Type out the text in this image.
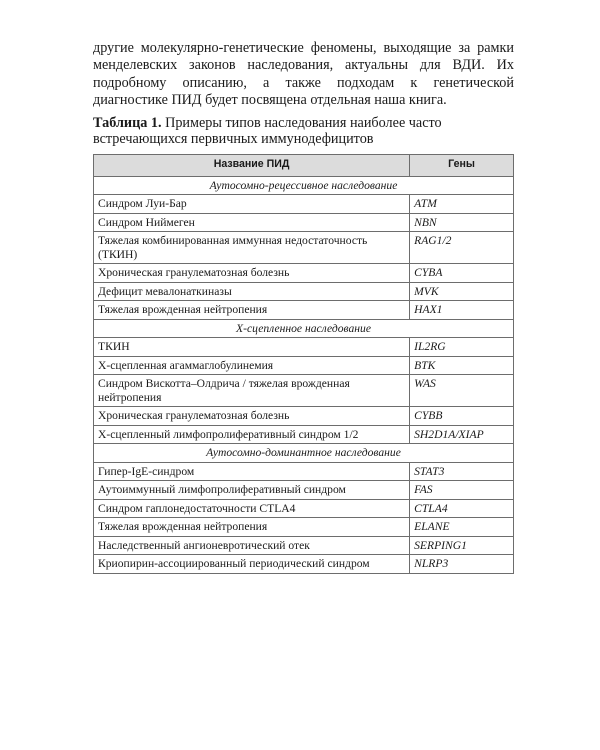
другие молекулярно-генетические феномены, выходящие за рамки менделевских законов наследования, актуальны для ВДИ. Их подробному описанию, а также подходам к генетической диагностике ПИД будет посвящена отдельная наша книга.

Таблица 1. Примеры типов наследования наиболее часто встречающихся первичных иммунодефицитов
Название ПИД	Гены
Аутосомно-рецессивное наследование	
Синдром Луи-Бар	ATM
Синдром Ниймеген	NBN
Тяжелая комбинированная иммунная недостаточность (ТКИН)	RAG1/2
Хроническая гранулематозная болезнь	CYBA
Дефицит мевалонаткиназы	MVK
Тяжелая врожденная нейтропения	HAX1
Х-сцепленное наследование	
ТКИН	IL2RG
Х-сцепленная агаммаглобулинемия	BTK
Синдром Вискотта–Олдрича / тяжелая врожденная нейтропения	WAS
Хроническая гранулематозная болезнь	CYBB
Х-сцепленный лимфопролиферативный синдром 1/2	SH2D1A/XIAP
Аутосомно-доминантное наследование	
Гипер-IgE-синдром	STAT3
Аутоиммунный лимфопролиферативный синдром	FAS
Синдром гаплонедостаточности CTLA4	CTLA4
Тяжелая врожденная нейтропения	ELANE
Наследственный ангионевротический отек	SERPING1
Криопирин-ассоциированный периодический синдром	NLRP3
